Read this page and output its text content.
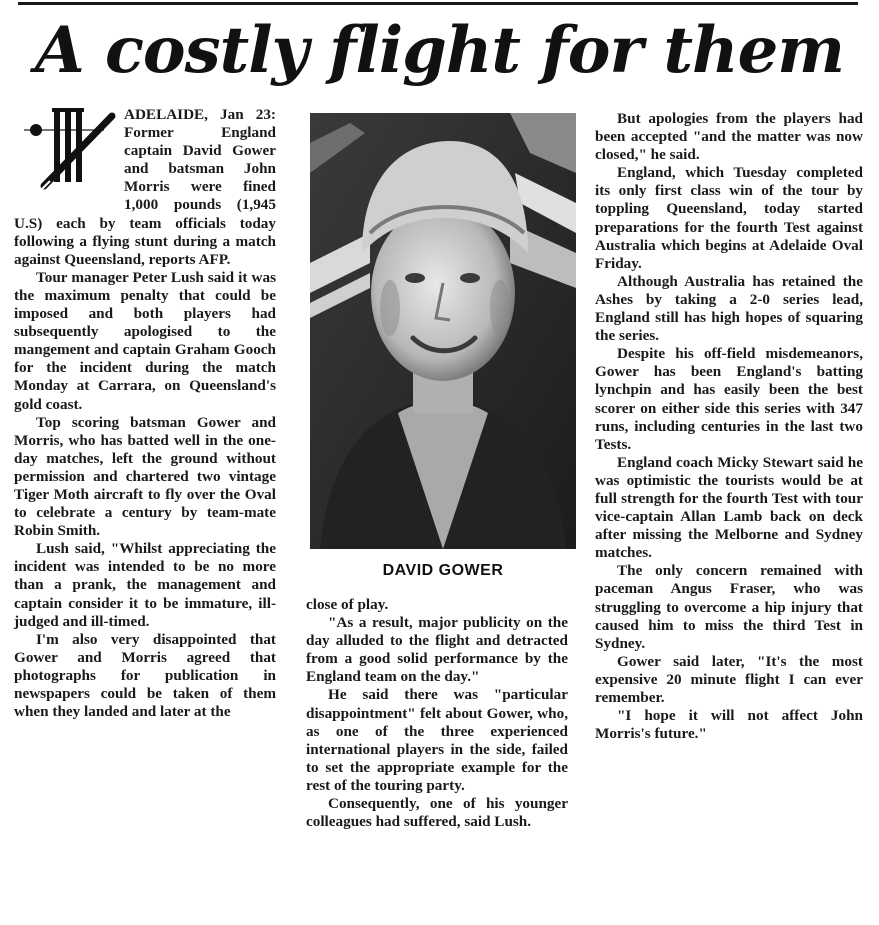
A costly flight for them

ADELAIDE, Jan 23: Former England captain David Gower and batsman John Morris were fined 1,000 pounds (1,945 U.S) each by team officials today following a flying stunt during a match against Queensland, reports AFP.

Tour manager Peter Lush said it was the maximum penalty that could be imposed and both players had subsequently apologised to the mangement and captain Graham Gooch for the incident during the match Monday at Carrara, on Queensland's gold coast.

Top scoring batsman Gower and Morris, who has batted well in the one-day matches, left the ground without permission and chartered two vintage Tiger Moth aircraft to fly over the Oval to celebrate a century by team-mate Robin Smith.

Lush said, "Whilst appreciating the incident was intended to be no more than a prank, the management and captain consider it to be immature, ill-judged and ill-timed.

I'm also very disappointed that Gower and Morris agreed that photographs for publication in newspapers could be taken of them when they landed and later at the

DAVID GOWER

close of play.

"As a result, major publicity on the day alluded to the flight and detracted from a good solid performance by the England team on the day."

He said there was "particular disappointment" felt about Gower, who, as one of the three experienced international players in the side, failed to set the appropriate example for the rest of the touring party.

Consequently, one of his younger colleagues had suffered, said Lush.

But apologies from the players had been accepted "and the matter was now closed," he said.

England, which Tuesday completed its only first class win of the tour by toppling Queensland, today started preparations for the fourth Test against Australia which begins at Adelaide Oval Friday.

Although Australia has retained the Ashes by taking a 2-0 series lead, England still has high hopes of squaring the series.

Despite his off-field misdemeanors, Gower has been England's batting lynchpin and has easily been the best scorer on either side this series with 347 runs, including centuries in the last two Tests.

England coach Micky Stewart said he was optimistic the tourists would be at full strength for the fourth Test with tour vice-captain Allan Lamb back on deck after missing the Melborne and Sydney matches.

The only concern remained with paceman Angus Fraser, who was struggling to overcome a hip injury that caused him to miss the third Test in Sydney.

Gower said later, "It's the most expensive 20 minute flight I can ever remember.

"I hope it will not affect John Morris's future."
